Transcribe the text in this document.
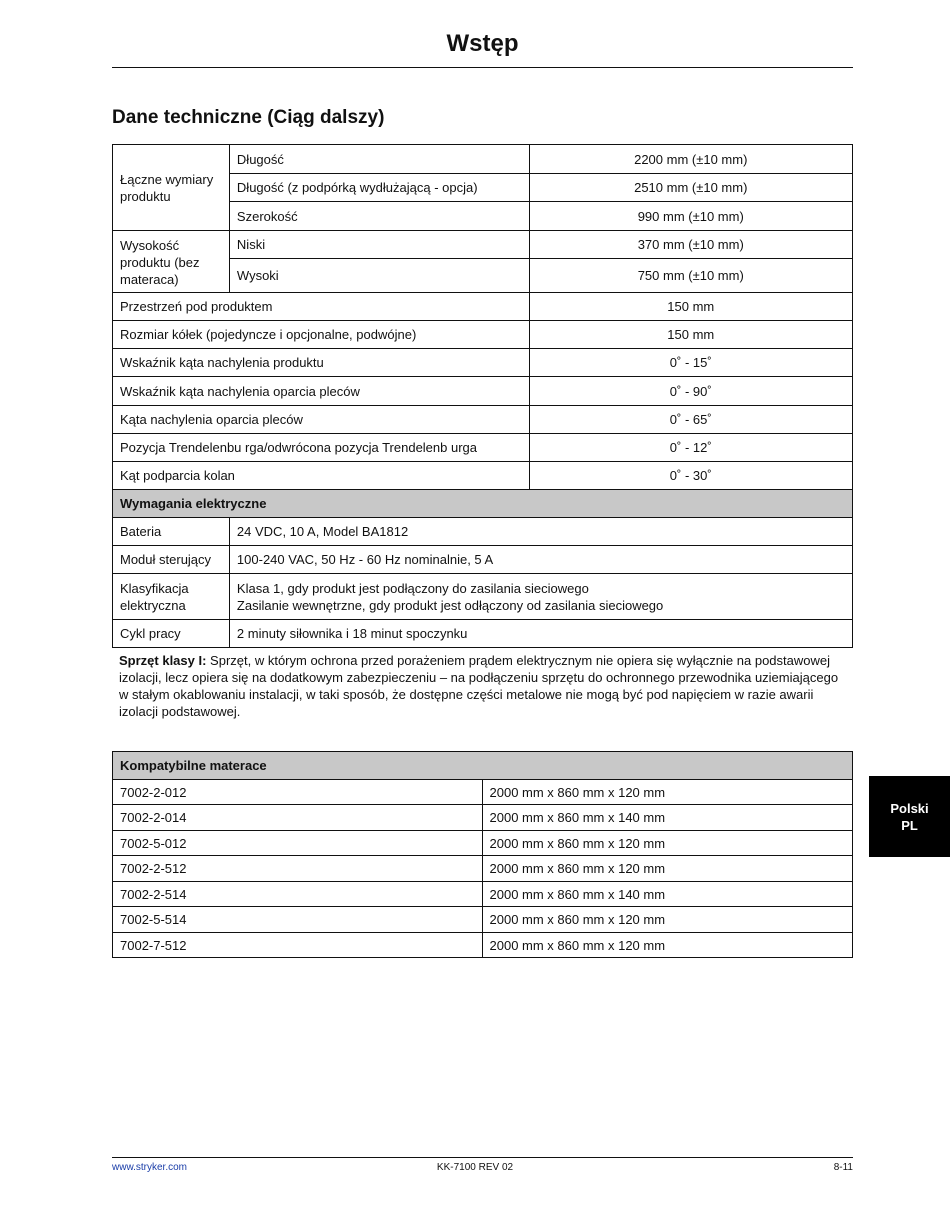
Wstęp
Dane techniczne (Ciąg dalszy)
Łączne wymiary produktu	Długość	2200 mm (±10 mm)
	Długość (z podpórką wydłużającą - opcja)	2510 mm (±10 mm)
	Szerokość	990 mm (±10 mm)
Wysokość produktu (bez materaca)	Niski	370 mm (±10 mm)
	Wysoki	750 mm (±10 mm)
Przestrzeń pod produktem		150 mm
Rozmiar kółek (pojedyncze i opcjonalne, podwójne)		150 mm
Wskaźnik kąta nachylenia produktu		0˚ - 15˚
Wskaźnik kąta nachylenia oparcia pleców		0˚ - 90˚
Kąta nachylenia oparcia pleców		0˚ - 65˚
Pozycja Trendelenbu rga/odwrócona pozycja Trendelenb urga		0˚ - 12˚
Kąt podparcia kolan		0˚ - 30˚
Wymagania elektryczne		
Bateria	24 VDC, 10 A, Model BA1812	
Moduł sterujący	100-240 VAC, 50 Hz - 60 Hz nominalnie, 5 A	
Klasyfikacja elektryczna	Klasa 1, gdy produkt jest podłączony do zasilania sieciowego
Zasilanie wewnętrzne, gdy produkt jest odłączony od zasilania sieciowego	

Cykl pracy	2 minuty siłownika i 18 minut spoczynku	
Sprzęt klasy I: Sprzęt, w którym ochrona przed porażeniem prądem elektrycznym nie opiera się wyłącznie na podstawowej izolacji, lecz opiera się na dodatkowym zabezpieczeniu – na podłączeniu sprzętu do ochronnego przewodnika uziemiającego w stałym okablowaniu instalacji, w taki sposób, że dostępne części metalowe nie mogą być pod napięciem w razie awarii izolacji podstawowej.
Kompatybilne materace	
7002-2-012	2000 mm x 860 mm x 120 mm
7002-2-014	2000 mm x 860 mm x 140 mm
7002-5-012	2000 mm x 860 mm x 120 mm
7002-2-512	2000 mm x 860 mm x 120 mm
7002-2-514	2000 mm x 860 mm x 140 mm
7002-5-514	2000 mm x 860 mm x 120 mm
7002-7-512	2000 mm x 860 mm x 120 mm
Polski
PL
www.stryker.com	KK-7100 REV 02	8-11
